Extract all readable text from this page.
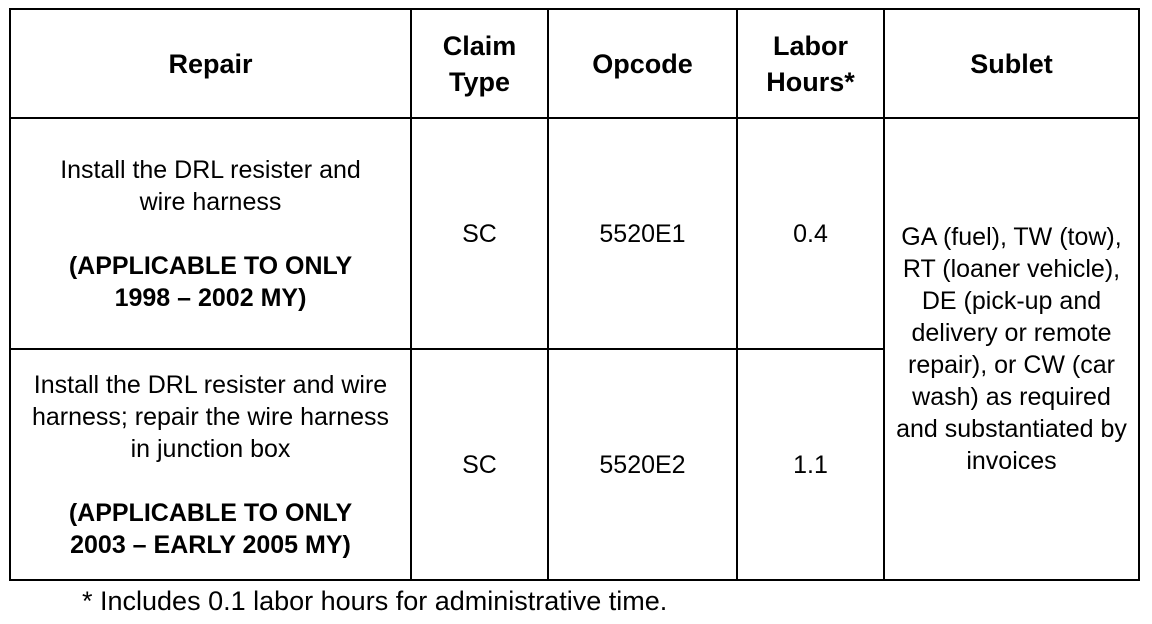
Repair	Claim Type	Opcode	Labor Hours*	Sublet

Install the DRL resister and wire harness
(APPLICABLE TO ONLY 1998 – 2002 MY)	SC	5520E1	0.4	GA (fuel), TW (tow), RT (loaner vehicle), DE (pick-up and delivery or remote repair), or CW (car wash) as required and substantiated by invoices

Install the DRL resister and wire harness; repair the wire harness in junction box
(APPLICABLE TO ONLY 2003 – EARLY 2005 MY)	SC	5520E2	1.1	
* Includes 0.1 labor hours for administrative time.
